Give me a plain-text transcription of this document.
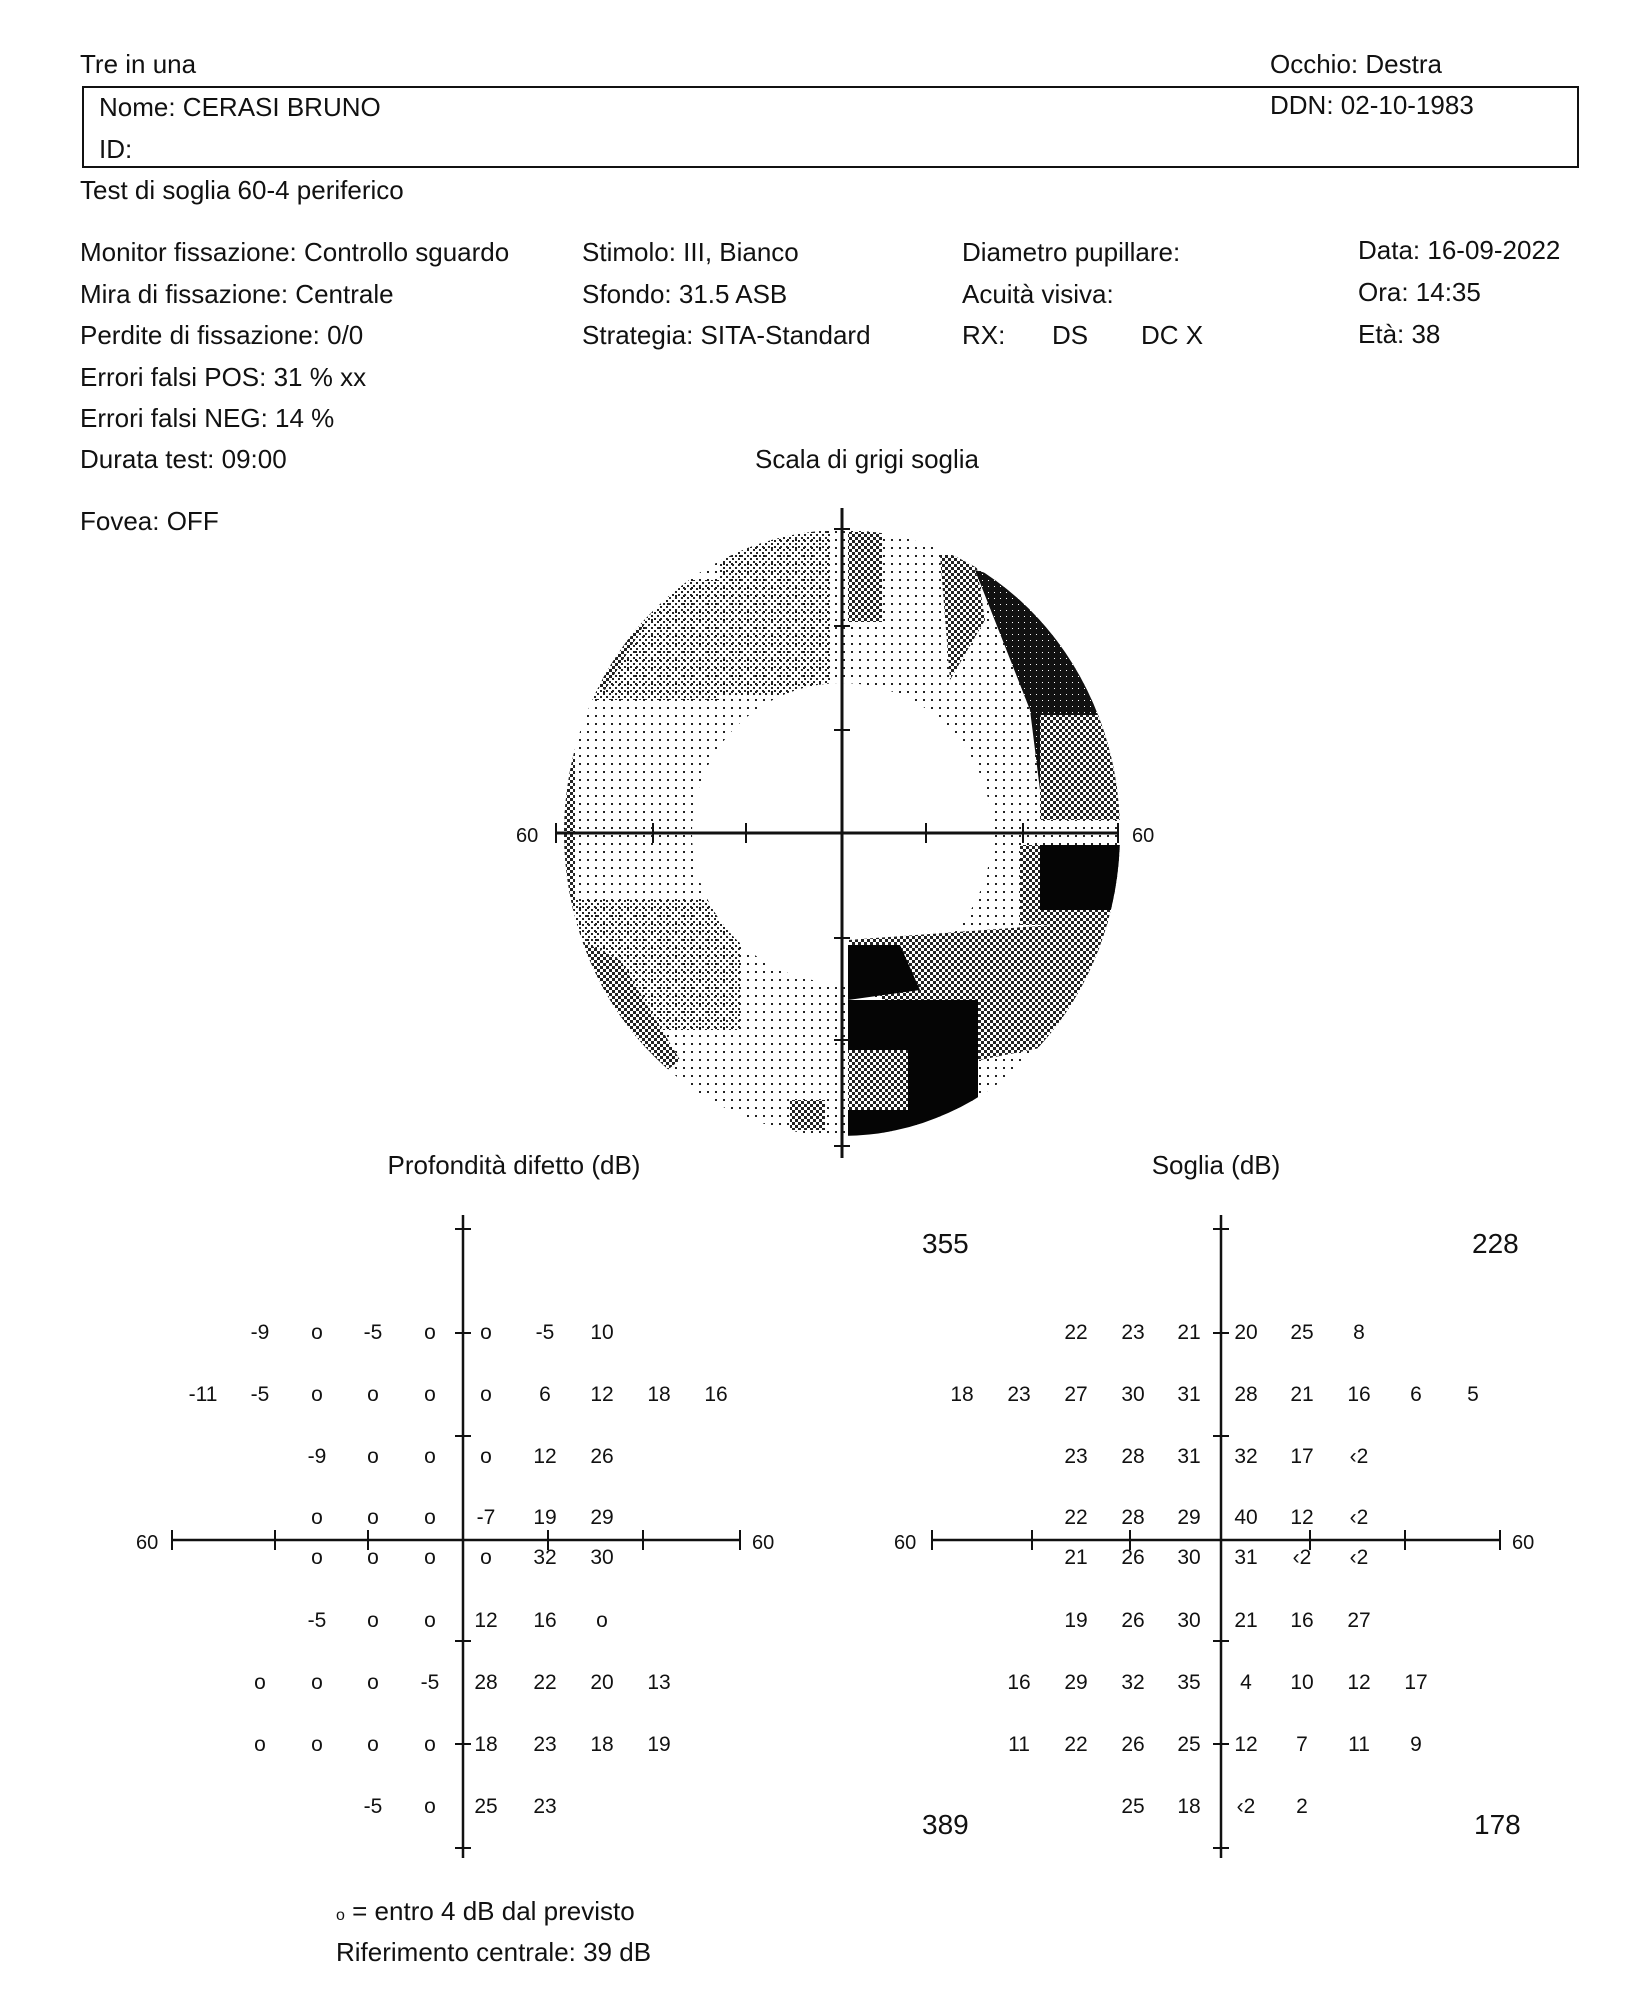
Tre in una	Occhio: Destra
Nome: CERASI BRUNO	DDN: 02-10-1983
ID:
Test di soglia 60-4 periferico
Monitor fissazione: Controllo sguardo
Mira di fissazione: Centrale
Perdite di fissazione: 0/0
Errori falsi POS: 31 % xx
Errori falsi NEG: 14 %
Durata test: 09:00
Fovea: OFF
Stimolo: III, Bianco
Sfondo: 31.5 ASB
Strategia: SITA-Standard
Diametro pupillare:
Acuità visiva:
RX: DS DC X
Data: 16-09-2022
Ora: 14:35
Età: 38
Scala di grigi soglia
Profondità difetto (dB)	Soglia (dB)
60	60
60	60
-9 o -5 o o -5 10
-11 -5 o o o o 6 12 18 16
-9 o o o 12 26
o o o -7 19 29
o o o o 32 30
-5 o o 12 16 o
o o o -5 28 22 20 13
o o o o 18 23 18 19
-5 o 25 23
60	60
355	228
389	178
22 23 21 20 25 8
18 23 27 30 31 28 21 16 6 5
23 28 31 32 17 ‹2
22 28 29 40 12 ‹2
21 26 30 31 ‹2 ‹2
19 26 30 21 16 27
16 29 32 35 4 10 12 17
11 22 26 25 12 7 11 9
25 18 ‹2 2
o = entro 4 dB dal previsto
Riferimento centrale: 39 dB
